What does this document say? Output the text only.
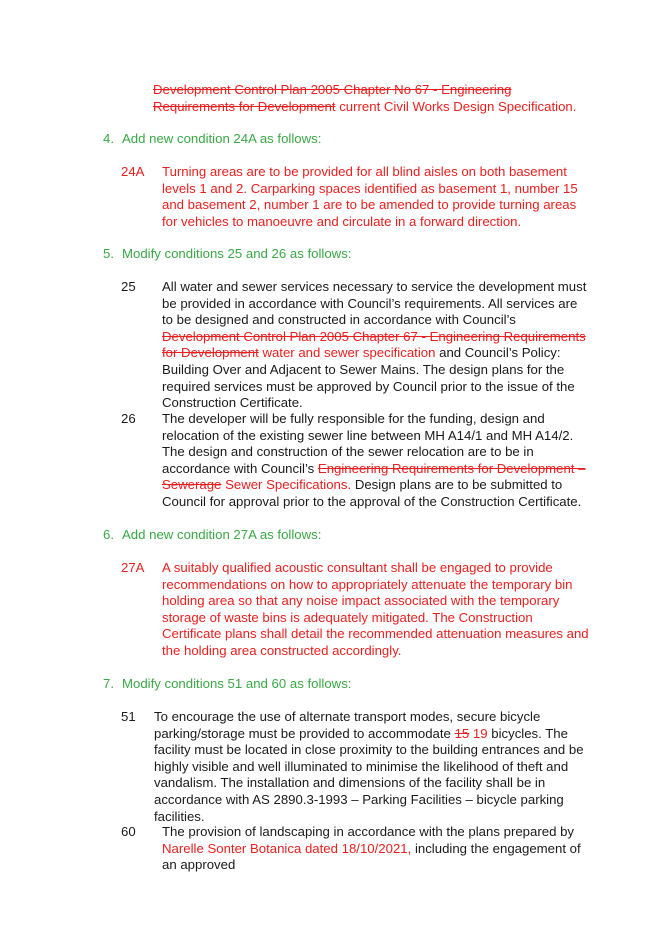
Development Control Plan 2005 Chapter No 67 - Engineering Requirements for Development current Civil Works Design Specification.

4. Add new condition 24A as follows:
24A Turning areas are to be provided for all blind aisles on both basement levels 1 and 2. Carparking spaces identified as basement 1, number 15 and basement 2, number 1 are to be amended to provide turning areas for vehicles to manoeuvre and circulate in a forward direction.

5. Modify conditions 25 and 26 as follows:
25 All water and sewer services necessary to service the development must be provided in accordance with Council’s requirements. All services are to be designed and constructed in accordance with Council’s Development Control Plan 2005 Chapter 67 - Engineering Requirements for Development water and sewer specification and Council’s Policy: Building Over and Adjacent to Sewer Mains. The design plans for the required services must be approved by Council prior to the issue of the Construction Certificate.

26 The developer will be fully responsible for the funding, design and relocation of the existing sewer line between MH A14/1 and MH A14/2. The design and construction of the sewer relocation are to be in accordance with Council’s Engineering Requirements for Development – Sewerage Sewer Specifications. Design plans are to be submitted to Council for approval prior to the approval of the Construction Certificate.

6. Add new condition 27A as follows:
27A A suitably qualified acoustic consultant shall be engaged to provide recommendations on how to appropriately attenuate the temporary bin holding area so that any noise impact associated with the temporary storage of waste bins is adequately mitigated. The Construction Certificate plans shall detail the recommended attenuation measures and the holding area constructed accordingly.

7. Modify conditions 51 and 60 as follows:
51 To encourage the use of alternate transport modes, secure bicycle parking/storage must be provided to accommodate 15 19 bicycles. The facility must be located in close proximity to the building entrances and be highly visible and well illuminated to minimise the likelihood of theft and vandalism. The installation and dimensions of the facility shall be in accordance with AS 2890.3-1993 – Parking Facilities – bicycle parking facilities.

60 The provision of landscaping in accordance with the plans prepared by Narelle Sonter Botanica dated 18/10/2021, including the engagement of an approved
